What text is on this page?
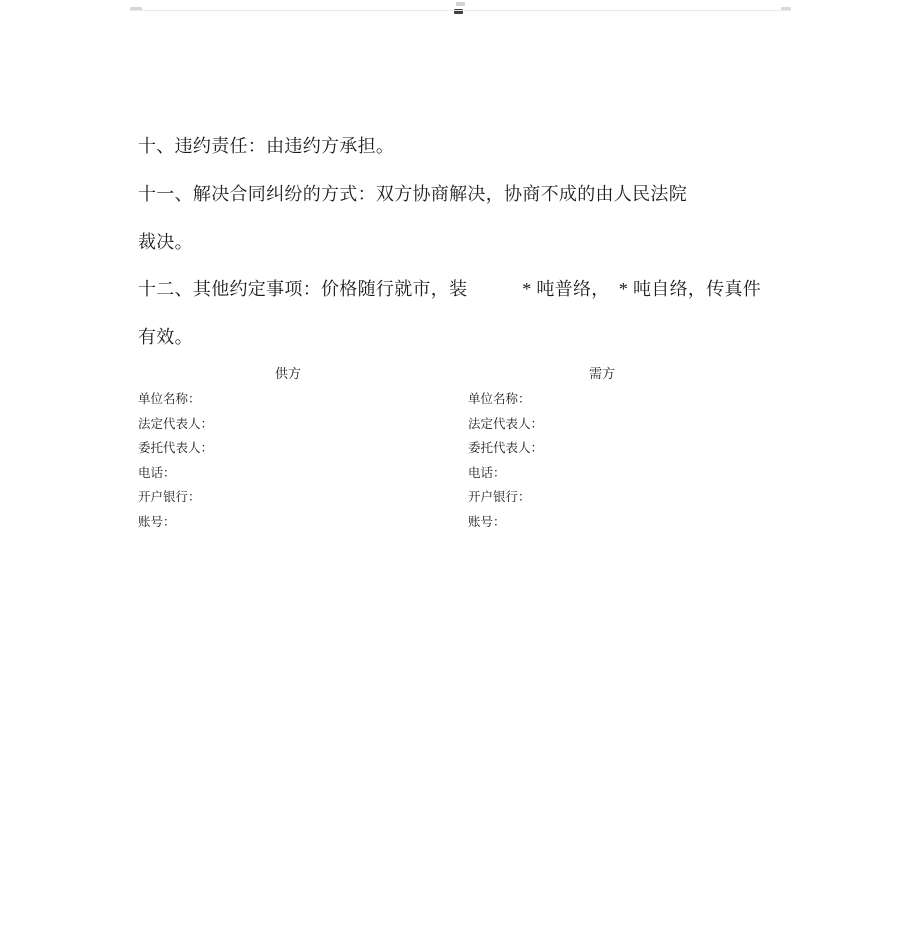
十、违约责任：由违约方承担。
十一、解决合同纠纷的方式：双方协商解决，协商不成的由人民法院
裁决。
十二、其他约定事项：价格随行就市，装　　　* 吨普络，　* 吨自络，传真件
有效。
供方	需方
单位名称：
法定代表人：
委托代表人：
电话：
开户银行：
账号：
单位名称：
法定代表人：
委托代表人：
电话：
开户银行：
账号：
